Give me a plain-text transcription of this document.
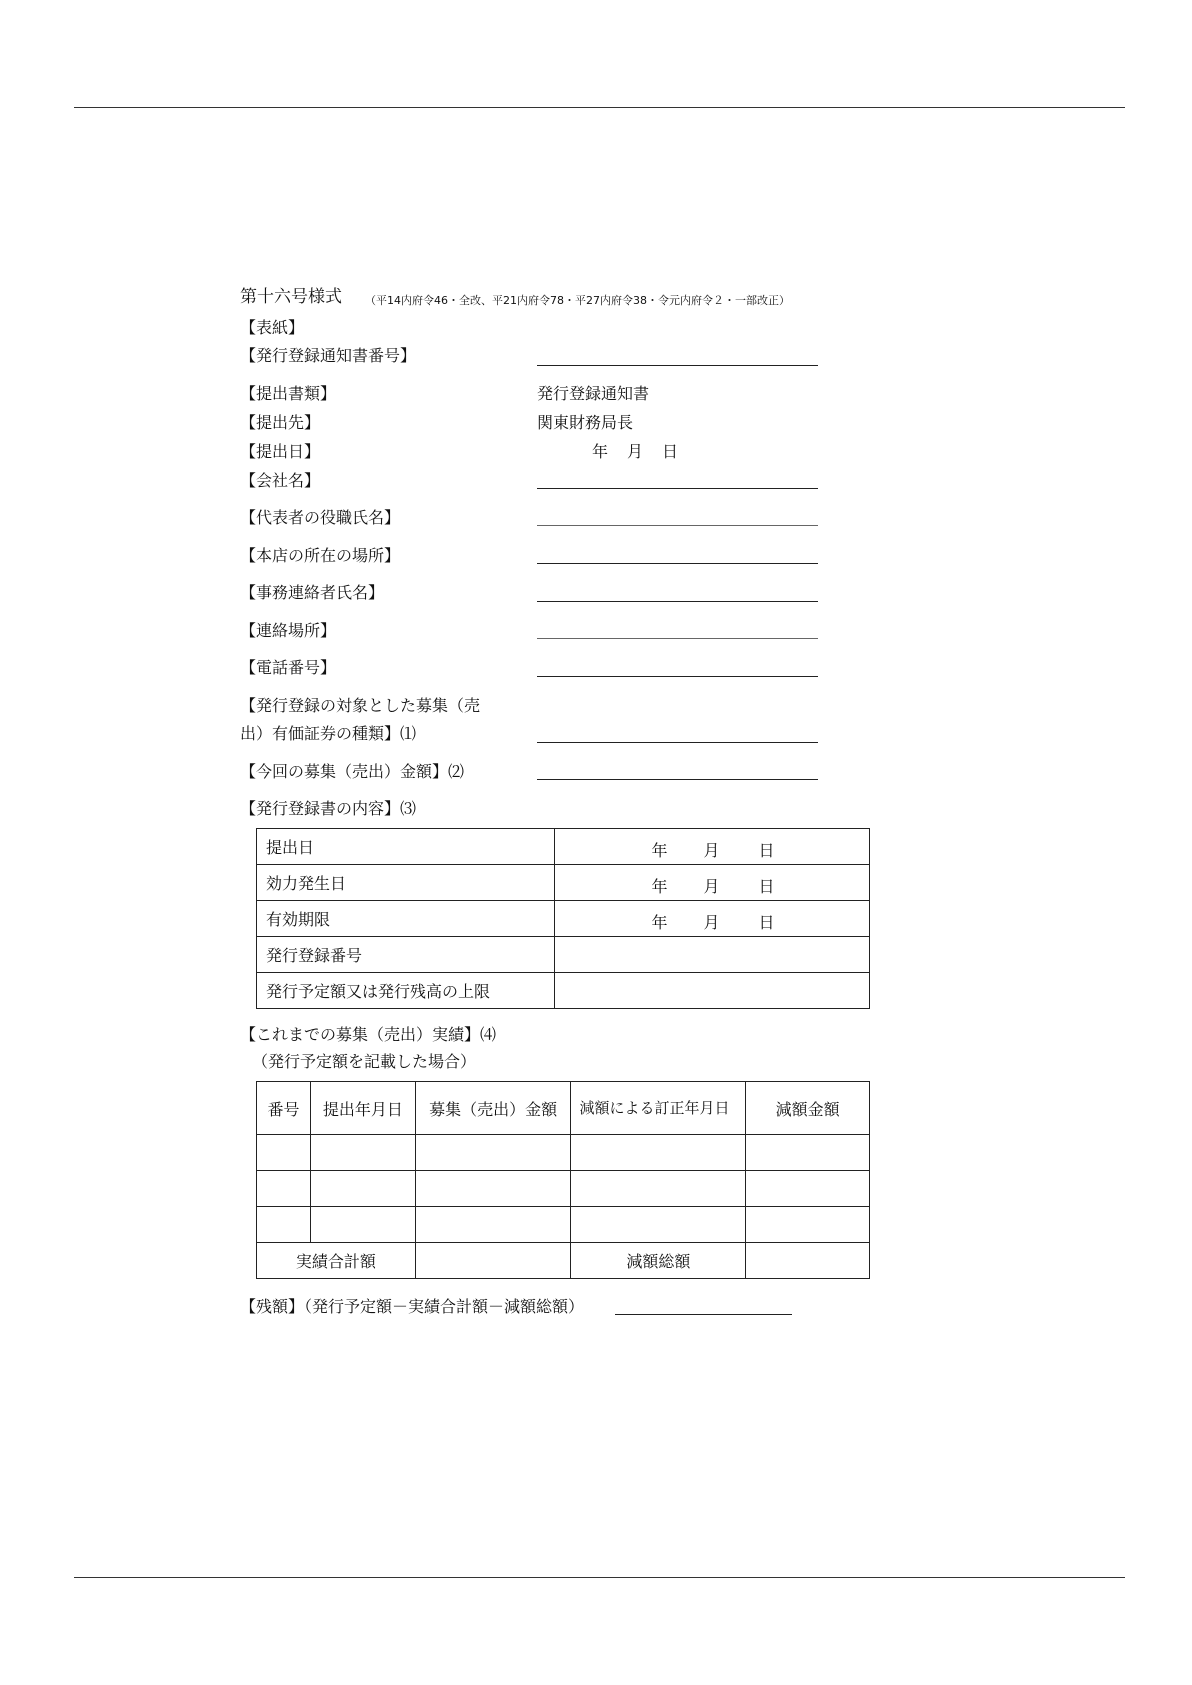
第十六号様式 （平14内府令46・全改、平21内府令78・平27内府令38・令元内府令２・一部改正）
【表紙】
【発行登録通知書番号】
【提出書類】	発行登録通知書
【提出先】	関東財務局長
【提出日】	年 月 日
【会社名】
【代表者の役職氏名】
【本店の所在の場所】
【事務連絡者氏名】
【連絡場所】
【電話番号】
【発行登録の対象とした募集（売
出）有価証券の種類】⑴
【今回の募集（売出）金額】⑵
【発行登録書の内容】⑶
提出日	年 月 日

効力発生日	年 月 日

有効期限	年 月 日

発行登録番号	
発行予定額又は発行残高の上限	
【これまでの募集（売出）実績】⑷
（発行予定額を記載した場合）
番号	提出年月日	募集（売出）金額	減額による訂正年月日	減額金額

実績合計額			減額総額	
【残額】（発行予定額－実績合計額－減額総額）
